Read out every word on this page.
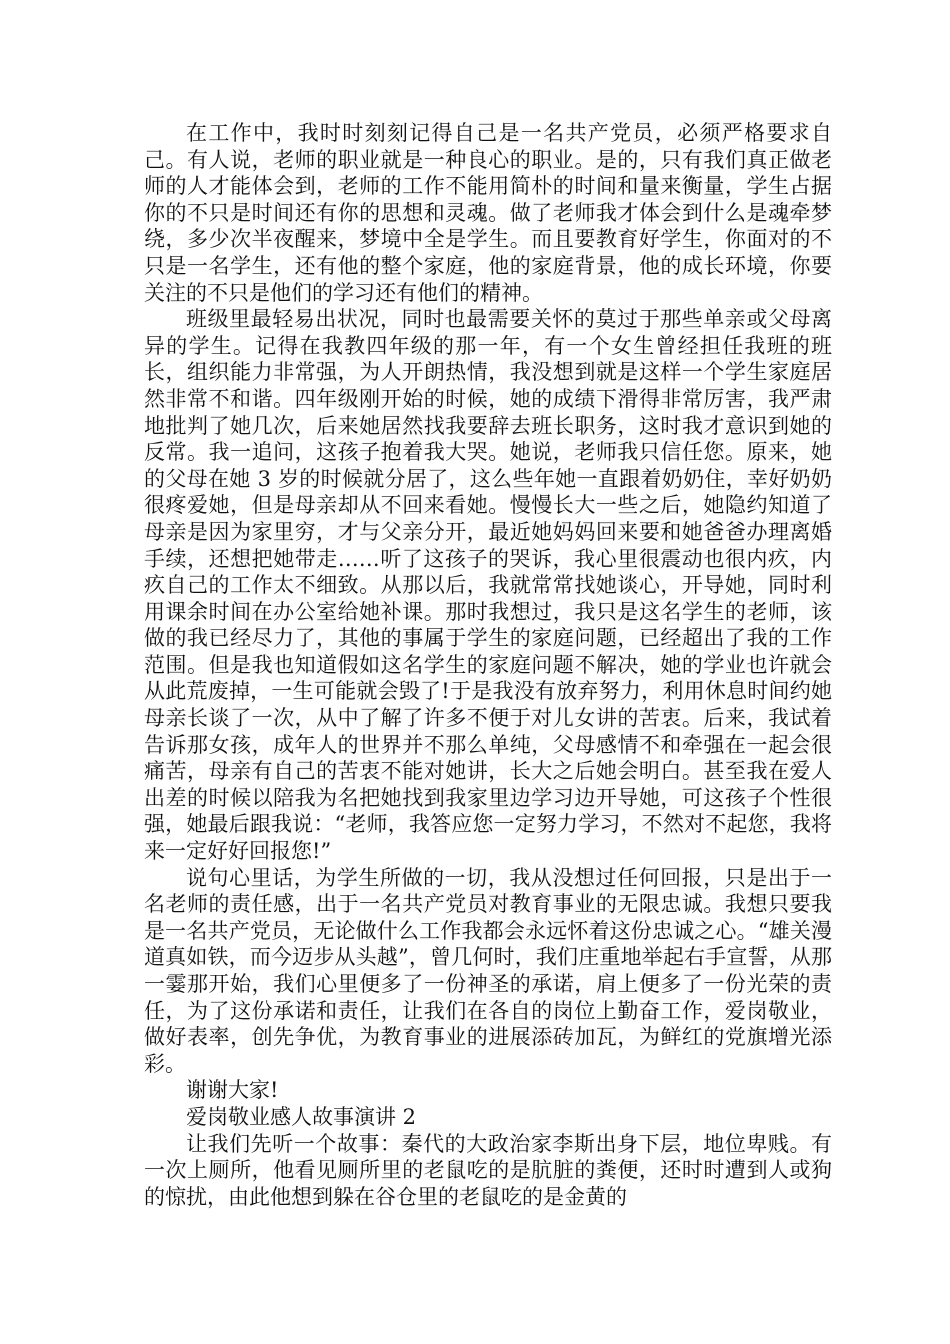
在工作中，我时时刻刻记得自己是一名共产党员，必须严格要求自己。有人说，老师的职业就是一种良心的职业。是的，只有我们真正做老师的人才能体会到，老师的工作不能用简朴的时间和量来衡量，学生占据你的不只是时间还有你的思想和灵魂。做了老师我才体会到什么是魂牵梦绕，多少次半夜醒来，梦境中全是学生。而且要教育好学生，你面对的不只是一名学生，还有他的整个家庭，他的家庭背景，他的成长环境，你要关注的不只是他们的学习还有他们的精神。

班级里最轻易出状况，同时也最需要关怀的莫过于那些单亲或父母离异的学生。记得在我教四年级的那一年，有一个女生曾经担任我班的班长，组织能力非常强，为人开朗热情，我没想到就是这样一个学生家庭居然非常不和谐。四年级刚开始的时候，她的成绩下滑得非常厉害，我严肃地批判了她几次，后来她居然找我要辞去班长职务，这时我才意识到她的反常。我一追问，这孩子抱着我大哭。她说，老师我只信任您。原来，她的父母在她 3 岁的时候就分居了，这么些年她一直跟着奶奶住，幸好奶奶很疼爱她，但是母亲却从不回来看她。慢慢长大一些之后，她隐约知道了母亲是因为家里穷，才与父亲分开，最近她妈妈回来要和她爸爸办理离婚手续，还想把她带走……听了这孩子的哭诉，我心里很震动也很内疚，内疚自己的工作太不细致。从那以后，我就常常找她谈心，开导她，同时利用课余时间在办公室给她补课。那时我想过，我只是这名学生的老师，该做的我已经尽力了，其他的事属于学生的家庭问题，已经超出了我的工作范围。但是我也知道假如这名学生的家庭问题不解决，她的学业也许就会从此荒废掉，一生可能就会毁了!于是我没有放弃努力，利用休息时间约她母亲长谈了一次，从中了解了许多不便于对儿女讲的苦衷。后来，我试着告诉那女孩，成年人的世界并不那么单纯，父母感情不和牵强在一起会很痛苦，母亲有自己的苦衷不能对她讲，长大之后她会明白。甚至我在爱人出差的时候以陪我为名把她找到我家里边学习边开导她，可这孩子个性很强，她最后跟我说：“老师，我答应您一定努力学习，不然对不起您，我将来一定好好回报您!”

说句心里话，为学生所做的一切，我从没想过任何回报，只是出于一名老师的责任感，出于一名共产党员对教育事业的无限忠诚。我想只要我是一名共产党员，无论做什么工作我都会永远怀着这份忠诚之心。“雄关漫道真如铁，而今迈步从头越”，曾几何时，我们庄重地举起右手宣誓，从那一霎那开始，我们心里便多了一份神圣的承诺，肩上便多了一份光荣的责任，为了这份承诺和责任，让我们在各自的岗位上勤奋工作，爱岗敬业，做好表率，创先争优，为教育事业的进展添砖加瓦，为鲜红的党旗增光添彩。

谢谢大家!

爱岗敬业感人故事演讲 2

让我们先听一个故事：秦代的大政治家李斯出身下层，地位卑贱。有一次上厕所，他看见厕所里的老鼠吃的是肮脏的粪便，还时时遭到人或狗的惊扰，由此他想到躲在谷仓里的老鼠吃的是金黄的
